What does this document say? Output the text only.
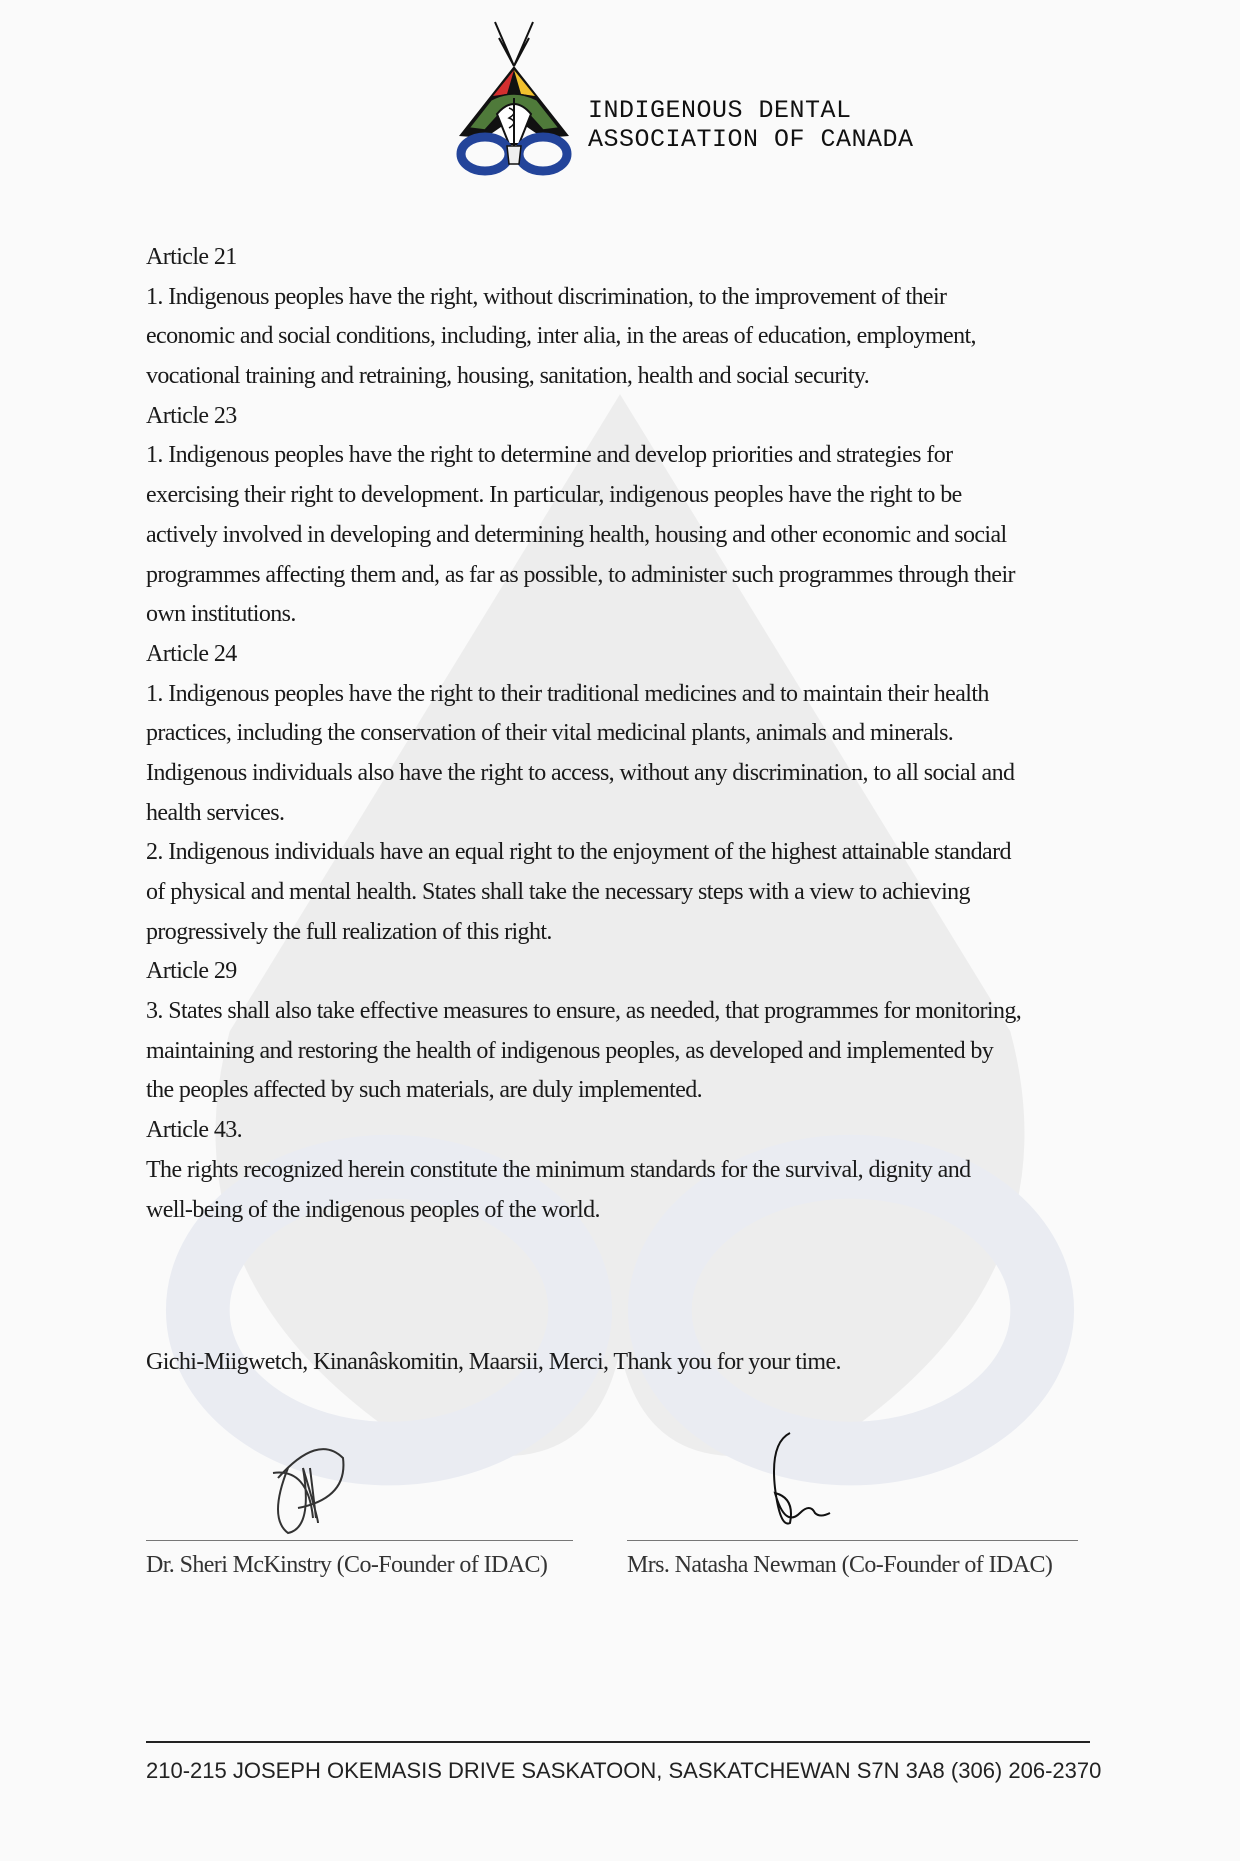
INDIGENOUS DENTAL
ASSOCIATION OF CANADA
Article 21
1. Indigenous peoples have the right, without discrimination, to the improvement of their
economic and social conditions, including, inter alia, in the areas of education, employment,
vocational training and retraining, housing, sanitation, health and social security.
Article 23
1. Indigenous peoples have the right to determine and develop priorities and strategies for
exercising their right to development. In particular, indigenous peoples have the right to be
actively involved in developing and determining health, housing and other economic and social
programmes affecting them and, as far as possible, to administer such programmes through their
own institutions.
Article 24
1. Indigenous peoples have the right to their traditional medicines and to maintain their health
practices, including the conservation of their vital medicinal plants, animals and minerals.
Indigenous individuals also have the right to access, without any discrimination, to all social and
health services.
2. Indigenous individuals have an equal right to the enjoyment of the highest attainable standard
of physical and mental health. States shall take the necessary steps with a view to achieving
progressively the full realization of this right.
Article 29
3. States shall also take effective measures to ensure, as needed, that programmes for monitoring,
maintaining and restoring the health of indigenous peoples, as developed and implemented by
the peoples affected by such materials, are duly implemented.
Article 43.
The rights recognized herein constitute the minimum standards for the survival, dignity and
well-being of the indigenous peoples of the world.
Gichi-Miigwetch, Kinanâskomitin, Maarsii, Merci, Thank you for your time.
Dr. Sheri McKinstry (Co-Founder of IDAC)	Mrs. Natasha Newman (Co-Founder of IDAC)
210-215 JOSEPH OKEMASIS DRIVE SASKATOON, SASKATCHEWAN S7N 3A8 (306) 206-2370
